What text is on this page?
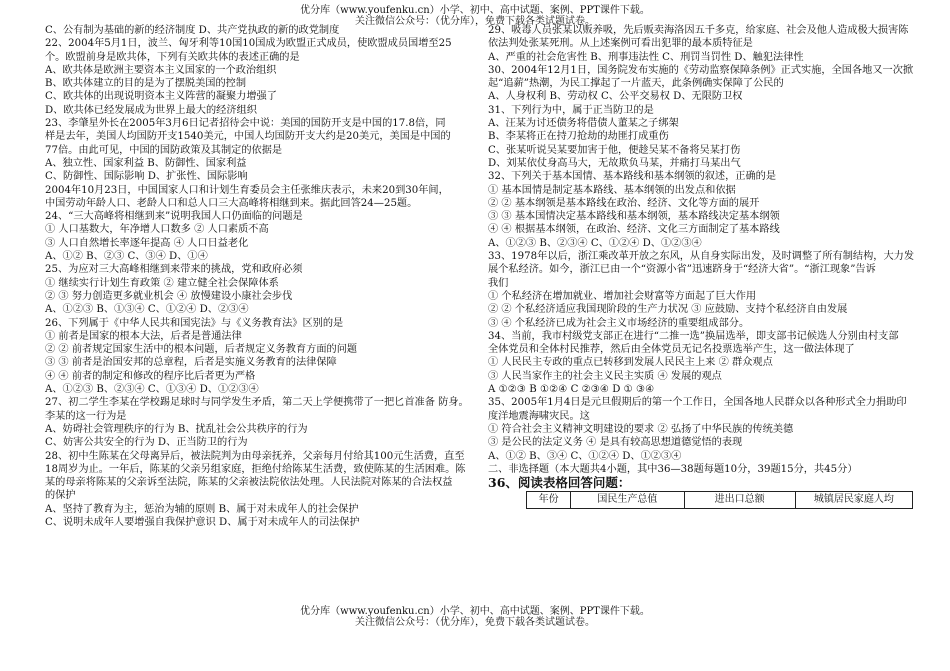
优分库（www.youfenku.cn）小学、初中、高中试题、案例、PPT课件下载。
关注微信公众号：（优分库），免费下载各类试题试卷。

C、公有制为基础的新的经济制度 D、共产党执政的新的政党制度

22、2004年5月1日，波兰、匈牙利等10国10国成为欧盟正式成员，使欧盟成员国增至25

个。欧盟前身是欧共体，下列有关欧共体的表述正确的是

A、欧共体是欧洲主要资本主义国家的一个政治组织

B、欧共体建立的目的是为了摆脱美国的控制

C、欧共体的出现说明资本主义阵营的凝聚力增强了

D、欧共体已经发展成为世界上最大的经济组织

23、李肇星外长在2005年3月6日记者招待会中说：美国的国防开支是中国的17.8倍，同

样是去年，美国人均国防开支1540美元，中国人均国防开支大约是20美元，美国是中国的

77倍。由此可见，中国的国防政策及其制定的依据是

A、独立性、国家利益 B、防御性、国家利益

C、防御性、国际影响 D、扩张性、国际影响

2004年10月23日，中国国家人口和计划生育委员会主任张维庆表示，未来20到30年间，

中国劳动年龄人口、老龄人口和总人口三大高峰将相继到来。据此回答24—25题。

24、“三大高峰将相继到来”说明我国人口仍面临的问题是

① 人口基数大，年净增人口数多 ② 人口素质不高

③ 人口自然增长率逐年提高 ④ 人口日益老化

A、①② B、②③ C、③④ D、①④

25、为应对三大高峰相继到来带来的挑战，党和政府必须

① 继续实行计划生育政策 ② 建立健全社会保障体系

② ③ 努力创造更多就业机会 ④ 放慢建设小康社会步伐

A、①②③ B、①③④ C、①②④ D、②③④

26、下列属于《中华人民共和国宪法》与《义务教育法》区别的是

① 前者是国家的根本大法，后者是普通法律

② ② 前者规定国家生活中的根本问题，后者规定义务教育方面的问题

③ ③ 前者是治国安邦的总章程，后者是实施义务教育的法律保障

④ ④ 前者的制定和修改的程序比后者更为严格

A、①②③ B、②③④ C、①③④ D、①②③④

27、初二学生李某在学校踢足球时与同学发生矛盾，第二天上学便携带了一把匕首准备 防身。

李某的这一行为是

A、妨碍社会管理秩序的行为 B、扰乱社会公共秩序的行为

C、妨害公共安全的行为 D、正当防卫的行为

28、初中生陈某在父母离异后，被法院判为由母亲抚养，父亲每月付给其100元生活费，直至

18周岁为止。一年后，陈某的父亲另组家庭，拒绝付给陈某生活费，致使陈某的生活困难。陈

某的母亲将陈某的父亲诉至法院，陈某的父亲被法院依法处理。人民法院对陈某的合法权益

的保护

A、坚持了教育为主，惩治为辅的原则 B、属于对未成年人的社会保护

C、说明未成年人要增强自我保护意识 D、属于对未成年人的司法保护

29、吸毒人员张某以贩养吸，先后贩卖海洛因五千多克，给家庭、社会及他人造成极大损害陈

依法判处张某死刑。从上述案例可看出犯罪的最本质特征是

A、严重的社会危害性 B、刑事违法性 C、刑罚当罚性 D、触犯法律性

30、2004年12月1日，国务院发布实施的《劳动监察保障条例》正式实施，全国各地又一次掀

起“追薪”热潮，为民工撑起了一片蓝天，此条例确实保障了公民的

A、人身权利 B、劳动权 C、公平交易权 D、无限防卫权

31、下列行为中，属于正当防卫的是

A、汪某为讨还债务将借债人董某之子绑架

B、李某将正在持刀抢劫的劫匪打成重伤

C、张某听说吴某要加害于他，便趁吴某不备将吴某打伤

D、刘某依仗身高马大，无故欺负马某，并痛打马某出气

32、下列关于基本国情、基本路线和基本纲领的叙述，正确的是

① 基本国情是制定基本路线、基本纲领的出发点和依据

② ② 基本纲领是基本路线在政治、经济、文化等方面的展开

③ ③ 基本国情决定基本路线和基本纲领，基本路线决定基本纲领

④ ④ 根据基本纲领，在政治、经济、文化三方面制定了基本路线

A、①②③ B、②③④ C、①②④ D、①②③④

33、1978年以后，浙江乘改革开放之东风，从自身实际出发，及时调整了所有制结构，大力发

展个私经济。如今，浙江已由一个“资源小省”迅速跻身于“经济大省”。“浙江现象”告诉

我们

① 个私经济在增加就业、增加社会财富等方面起了巨大作用

② ② 个私经济适应我国现阶段的生产力状况 ③ 应鼓励、支持个私经济自由发展

③ ④ 个私经济已成为社会主义市场经济的重要组成部分。

34、当前，我市村级党支部正在进行“二推一选”换届选举，即支部书记候选人分别由村支部

全体党员和全体村民推荐，然后由全体党员无记名投票选举产生，这一做法体现了

① 人民民主专政的重点已转移到发展人民民主上来 ② 群众观点

③ 人民当家作主的社会主义民主实质 ④ 发展的观点

A ①②③ B ①②④ C ②③④ D ① ③④

35、2005年1月4日是元旦假期后的第一个工作日，全国各地人民群众以各种形式全力捐助印

度洋地震海啸灾民。这

① 符合社会主义精神文明建设的要求 ② 弘扬了中华民族的传统美德

③ 是公民的法定义务 ④ 是具有较高思想道德觉悟的表现

A、①② B、③④ C、①②④ D、①②③④

二、非选择题（本大题共4小题，其中36—38题每题10分，39题15分，共45分）

36、阅读表格回答问题：

年份	国民生产总值	进出口总额	城镇居民家庭人均
优分库（www.youfenku.cn）小学、初中、高中试题、案例、PPT课件下载。
关注微信公众号：（优分库），免费下载各类试题试卷。
